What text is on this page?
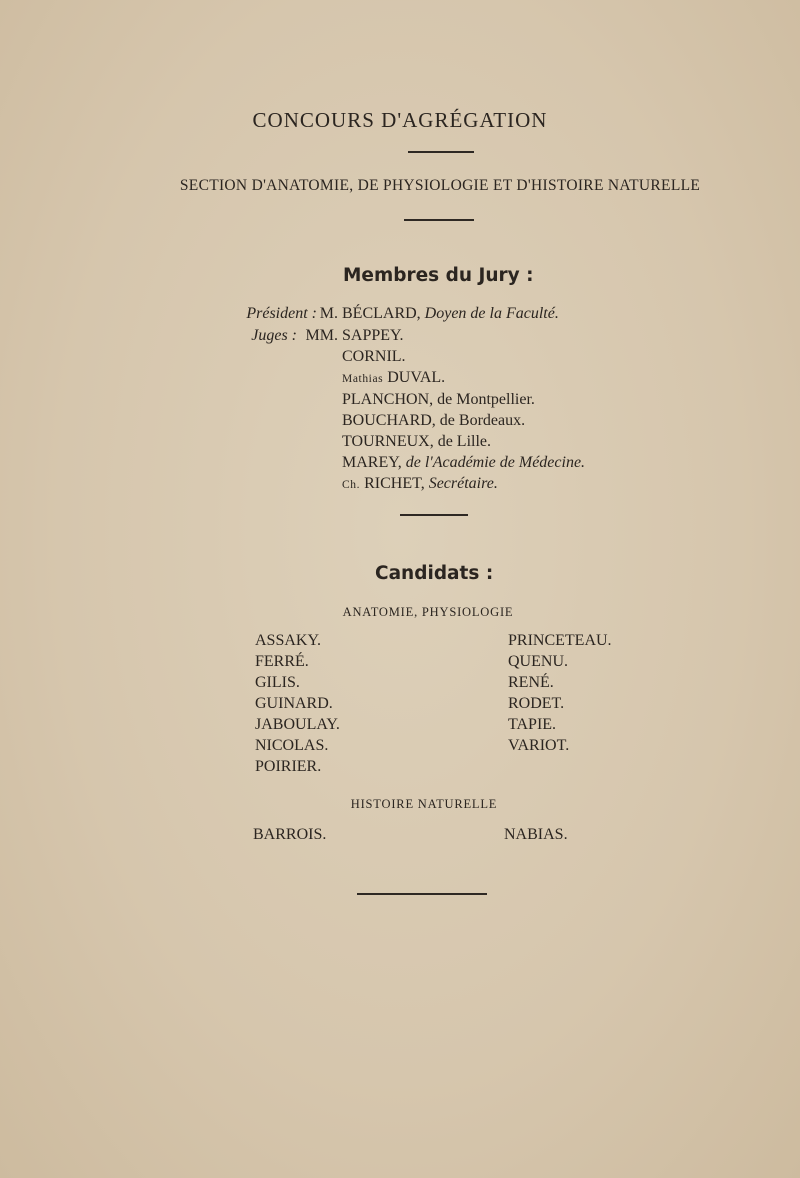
CONCOURS D'AGRÉGATION
SECTION D'ANATOMIE, DE PHYSIOLOGIE ET D'HISTOIRE NATURELLE
Membres du Jury :
Président : M. BÉCLARD, Doyen de la Faculté.
Juges : MM. SAPPEY.
CORNIL.
Mathias DUVAL.
PLANCHON, de Montpellier.
BOUCHARD, de Bordeaux.
TOURNEUX, de Lille.
MAREY, de l'Académie de Médecine.
Ch. RICHET, Secrétaire.
Candidats :
ANATOMIE, PHYSIOLOGIE
ASSAKY.
FERRÉ.
GILIS.
GUINARD.
JABOULAY.
NICOLAS.
POIRIER.
PRINCETEAU.
QUENU.
RENÉ.
RODET.
TAPIE.
VARIOT.
HISTOIRE NATURELLE
BARROIS.	NABIAS.
